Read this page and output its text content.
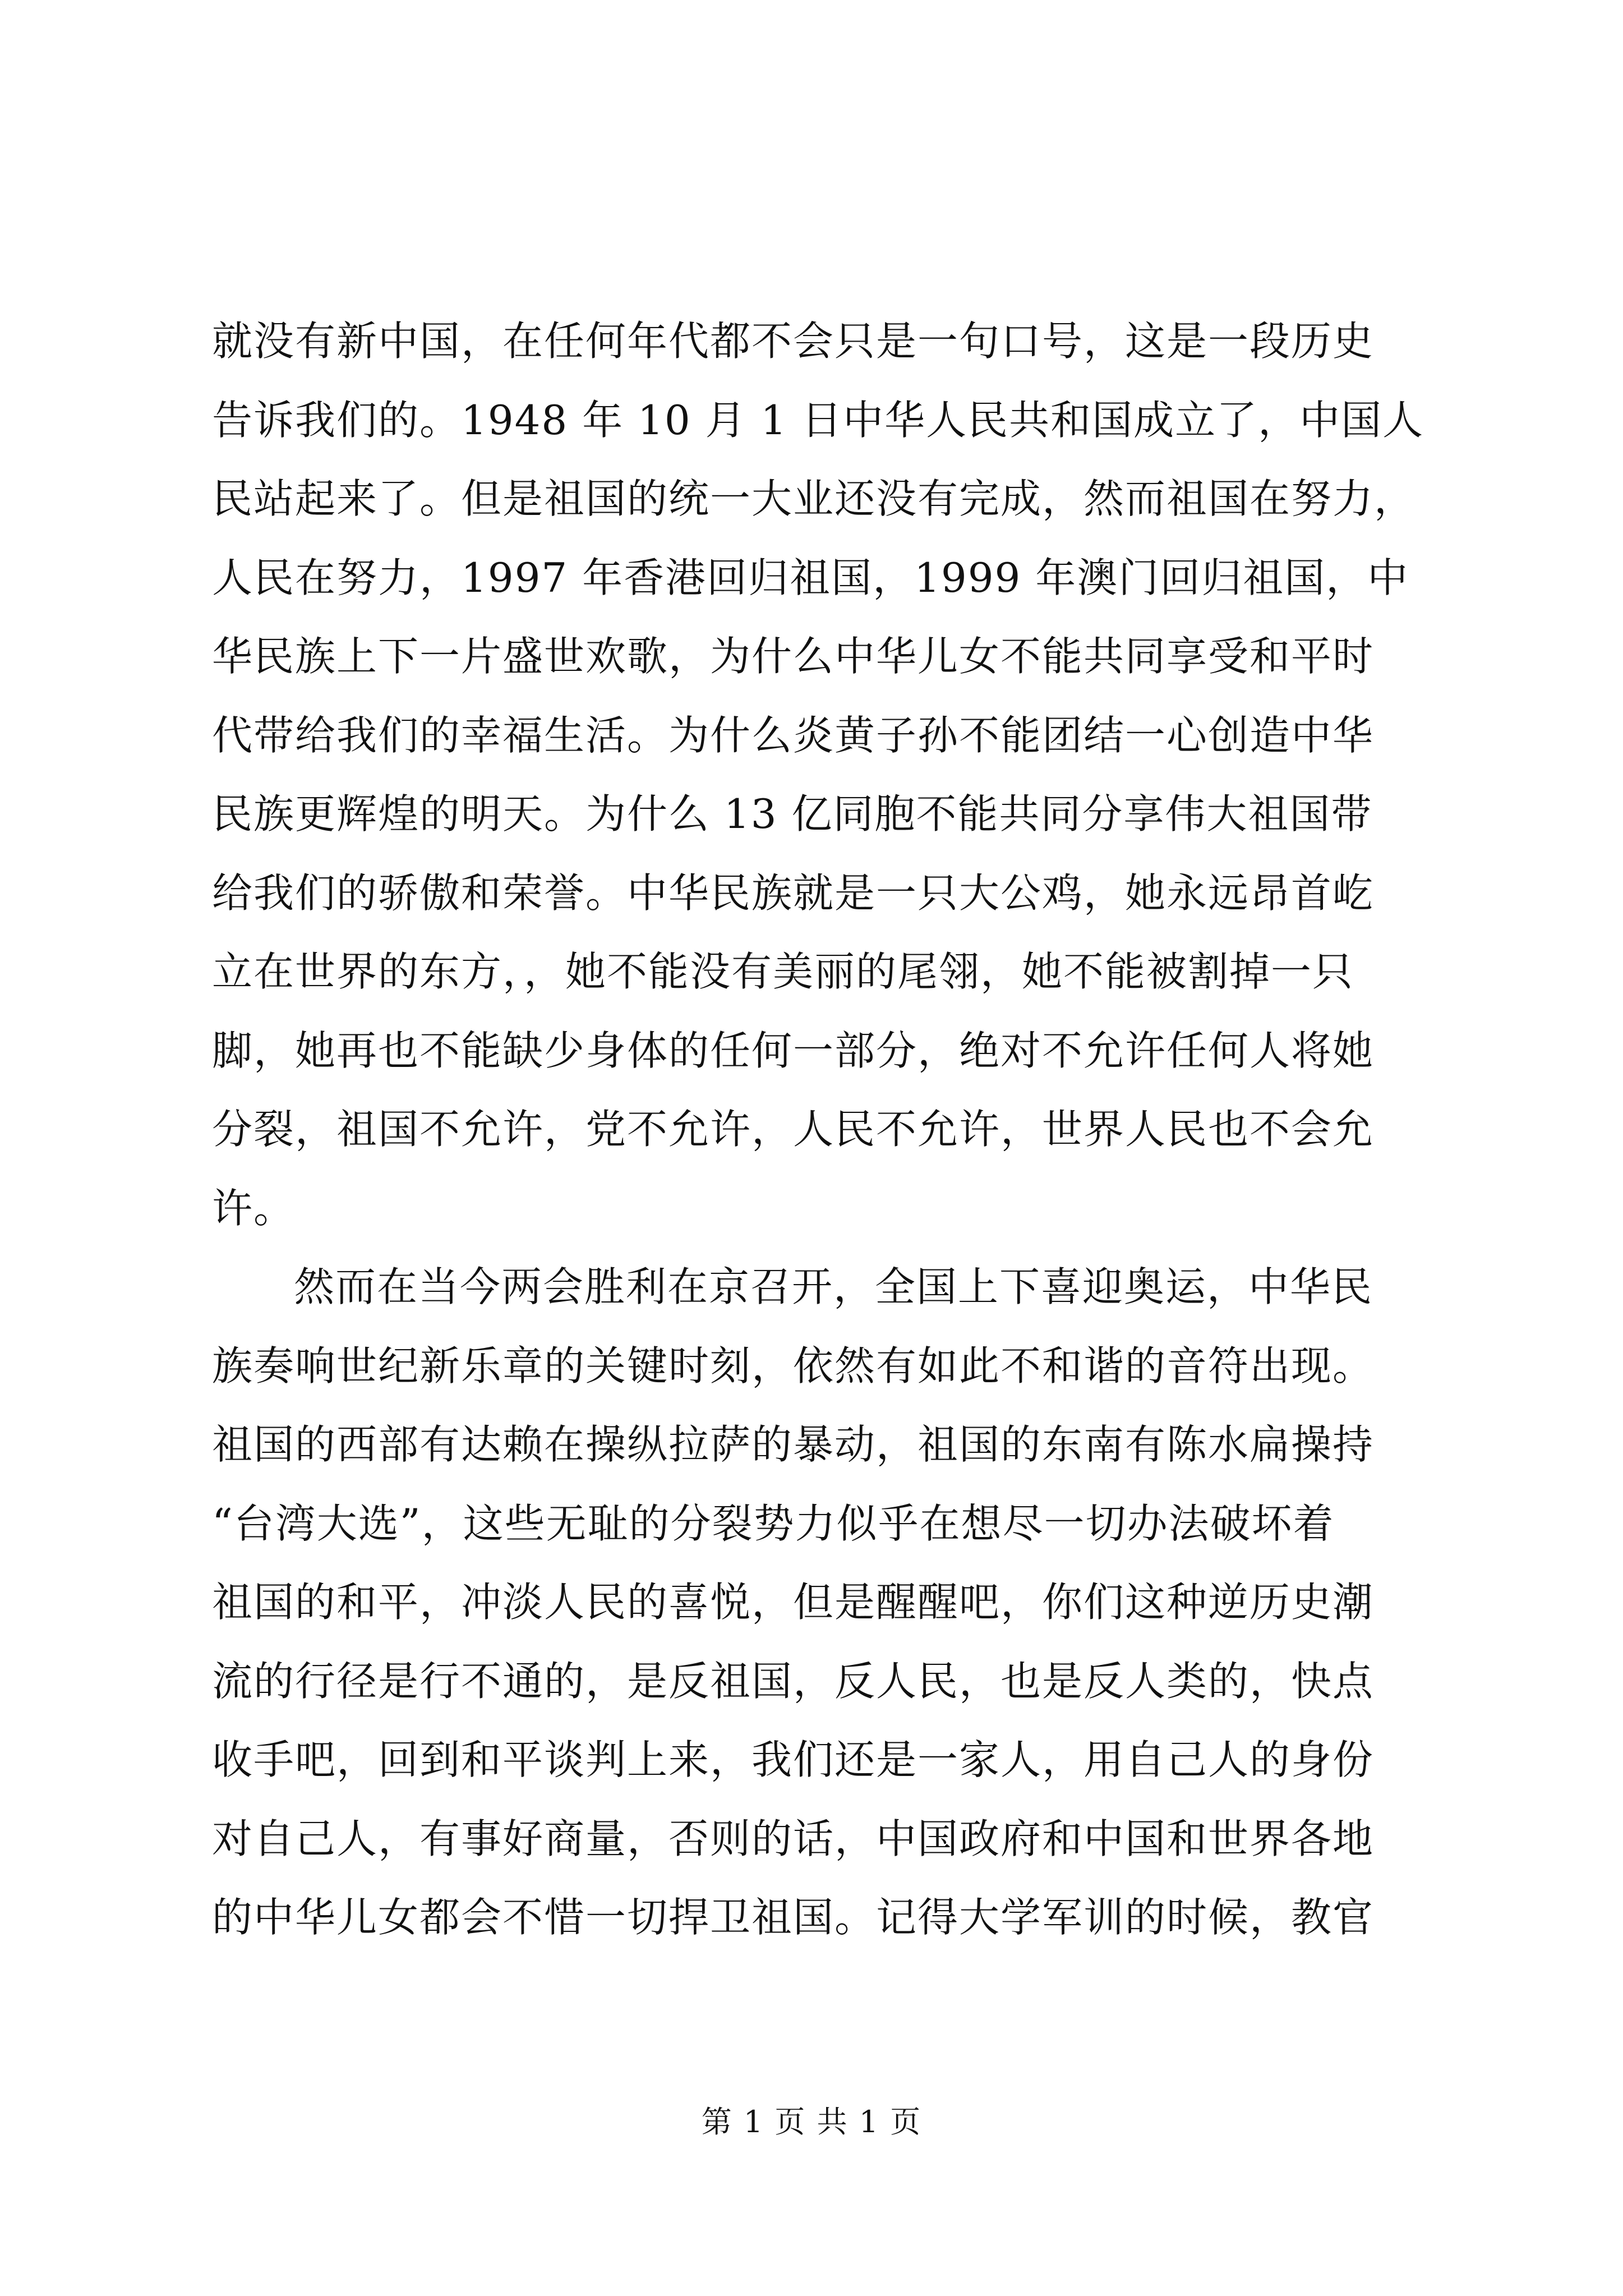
就没有新中国，在任何年代都不会只是一句口号，这是一段历史
告诉我们的。1948 年 10 月 1 日中华人民共和国成立了，中国人
民站起来了。但是祖国的统一大业还没有完成，然而祖国在努力，
人民在努力，1997 年香港回归祖国，1999 年澳门回归祖国，中
华民族上下一片盛世欢歌，为什么中华儿女不能共同享受和平时
代带给我们的幸福生活。为什么炎黄子孙不能团结一心创造中华
民族更辉煌的明天。为什么 13 亿同胞不能共同分享伟大祖国带
给我们的骄傲和荣誉。中华民族就是一只大公鸡，她永远昂首屹
立在世界的东方，，她不能没有美丽的尾翎，她不能被割掉一只
脚，她再也不能缺少身体的任何一部分，绝对不允许任何人将她
分裂，祖国不允许，党不允许，人民不允许，世界人民也不会允
许。
然而在当今两会胜利在京召开，全国上下喜迎奥运，中华民
族奏响世纪新乐章的关键时刻，依然有如此不和谐的音符出现。
祖国的西部有达赖在操纵拉萨的暴动，祖国的东南有陈水扁操持
“台湾大选”，这些无耻的分裂势力似乎在想尽一切办法破坏着
祖国的和平，冲淡人民的喜悦，但是醒醒吧，你们这种逆历史潮
流的行径是行不通的，是反祖国，反人民，也是反人类的，快点
收手吧，回到和平谈判上来，我们还是一家人，用自己人的身份
对自己人，有事好商量，否则的话，中国政府和中国和世界各地
的中华儿女都会不惜一切捍卫祖国。记得大学军训的时候，教官
第 1 页 共 1 页
